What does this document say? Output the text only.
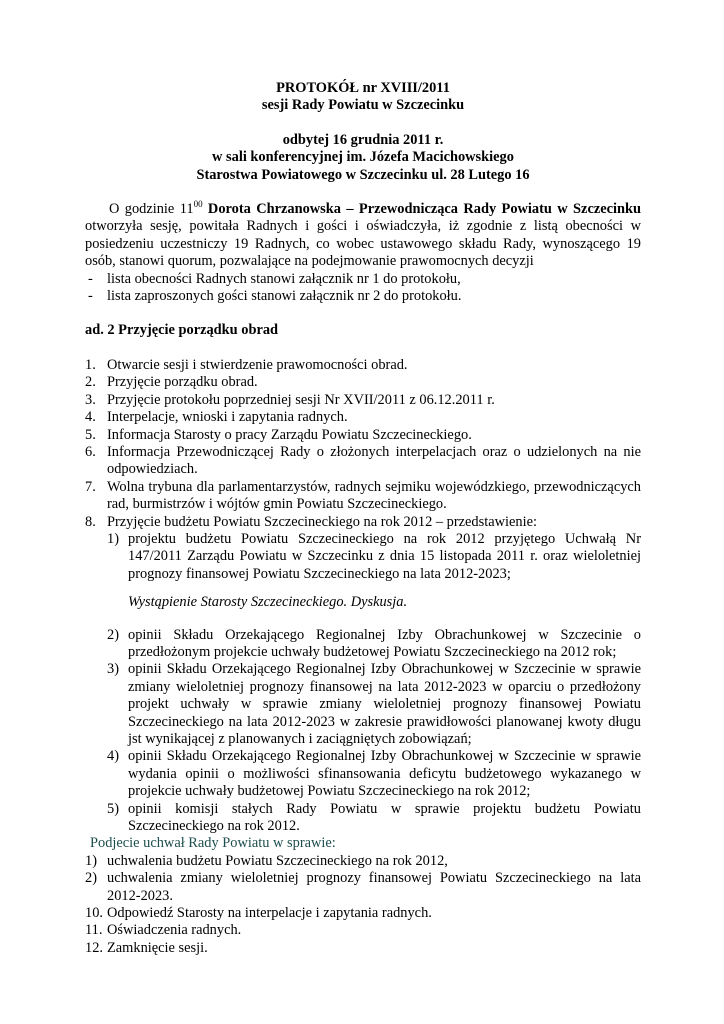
PROTOKÓŁ nr XVIII/2011
sesji Rady Powiatu w Szczecinku
odbytej 16 grudnia 2011 r.
w sali konferencyjnej im. Józefa Macichowskiego
Starostwa Powiatowego w Szczecinku ul. 28 Lutego 16
O godzinie $11^{00}$ Dorota Chrzanowska – Przewodnicząca Rady Powiatu w Szczecinku otworzyła sesję, powitała Radnych i gości i oświadczyła, iż zgodnie z listą obecności w posiedzeniu uczestniczy 19 Radnych, co wobec ustawowego składu Rady, wynoszącego 19 osób, stanowi quorum, pozwalające na podejmowanie prawomocnych decyzji
- lista obecności Radnych stanowi załącznik nr 1 do protokołu,
- lista zaproszonych gości stanowi załącznik nr 2 do protokołu.
ad. 2 Przyjęcie porządku obrad
1. Otwarcie sesji i stwierdzenie prawomocności obrad.
2. Przyjęcie porządku obrad.
3. Przyjęcie protokołu poprzedniej sesji Nr XVII/2011 z 06.12.2011 r.
4. Interpelacje, wnioski i zapytania radnych.
5. Informacja Starosty o pracy Zarządu Powiatu Szczecineckiego.
6. Informacja Przewodniczącej Rady o złożonych interpelacjach oraz o udzielonych na nie odpowiedziach.
7. Wolna trybuna dla parlamentarzystów, radnych sejmiku wojewódzkiego, przewodniczących rad, burmistrzów i wójtów gmin Powiatu Szczecineckiego.
8. Przyjęcie budżetu Powiatu Szczecineckiego na rok 2012 – przedstawienie:
1) projektu budżetu Powiatu Szczecineckiego na rok 2012 przyjętego Uchwałą Nr 147/2011 Zarządu Powiatu w Szczecinku z dnia 15 listopada 2011 r. oraz wieloletniej prognozy finansowej Powiatu Szczecineckiego na lata 2012-2023;
Wystąpienie Starosty Szczecineckiego. Dyskusja.
2) opinii Składu Orzekającego Regionalnej Izby Obrachunkowej w Szczecinie o przedłożonym projekcie uchwały budżetowej Powiatu Szczecineckiego na 2012 rok;
3) opinii Składu Orzekającego Regionalnej Izby Obrachunkowej w Szczecinie w sprawie zmiany wieloletniej prognozy finansowej na lata 2012-2023 w oparciu o przedłożony projekt uchwały w sprawie zmiany wieloletniej prognozy finansowej Powiatu Szczecineckiego na lata 2012-2023 w zakresie prawidłowości planowanej kwoty długu jst wynikającej z planowanych i zaciągniętych zobowiązań;
4) opinii Składu Orzekającego Regionalnej Izby Obrachunkowej w Szczecinie w sprawie wydania opinii o możliwości sfinansowania deficytu budżetowego wykazanego w projekcie uchwały budżetowej Powiatu Szczecineckiego na rok 2012;
5) opinii komisji stałych Rady Powiatu w sprawie projektu budżetu Powiatu Szczecineckiego na rok 2012.
Podjecie uchwał Rady Powiatu w sprawie:
1) uchwalenia budżetu Powiatu Szczecineckiego na rok 2012,
2) uchwalenia zmiany wieloletniej prognozy finansowej Powiatu Szczecineckiego na lata 2012-2023.
10. Odpowiedź Starosty na interpelacje i zapytania radnych.
11. Oświadczenia radnych.
12. Zamknięcie sesji.
